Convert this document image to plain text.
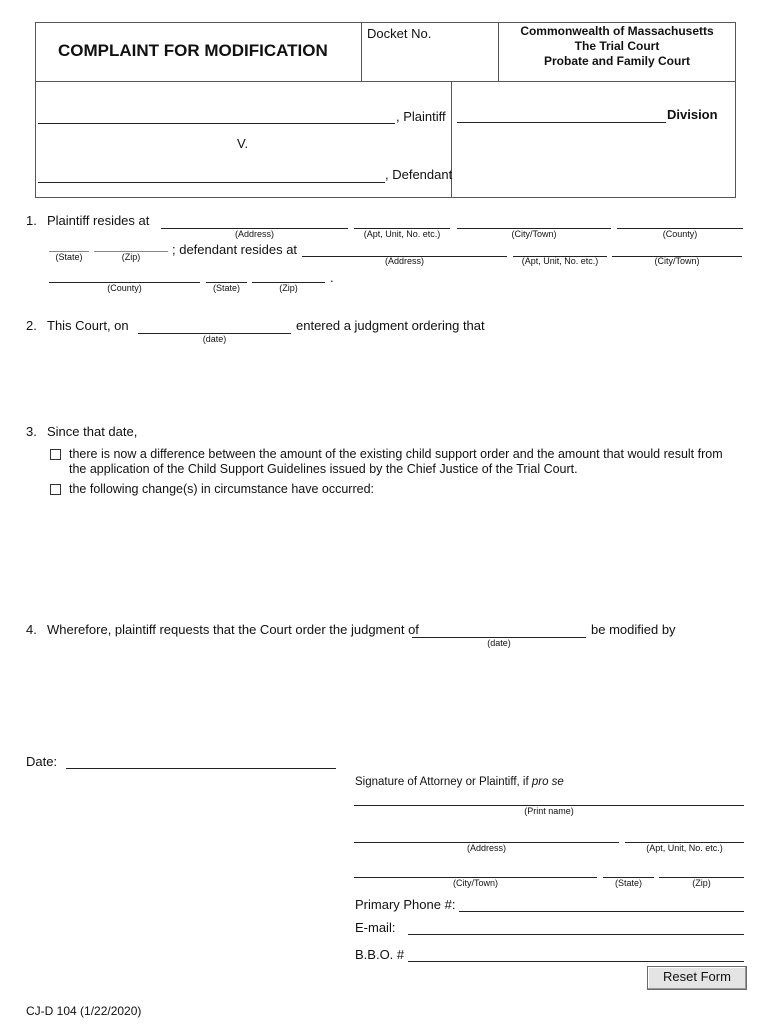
COMPLAINT FOR MODIFICATION
Docket No.	Commonwealth of Massachusetts
The Trial Court
Probate and Family Court
, Plaintiff
V.
, Defendant
Division
1. Plaintiff resides at
(Address)	(Apt, Unit, No. etc.)	(City/Town)	(County)
(State)	(Zip)	; defendant resides at
(Address)	(Apt, Unit, No. etc.)	(City/Town)
(County)	(State)	(Zip)
.
2. This Court, on
(date)
entered a judgment ordering that
3. Since that date,
there is now a difference between the amount of the existing child support order and the amount that would result from
the application of the Child Support Guidelines issued by the Chief Justice of the Trial Court.
the following change(s) in circumstance have occurred:
4. Wherefore, plaintiff requests that the Court order the judgment of
(date)
be modified by
Date:
Signature of Attorney or Plaintiff, if pro se
(Print name)
(Address)	(Apt, Unit, No. etc.)
(City/Town)	(State)	(Zip)
Primary Phone #:
E-mail:
B.B.O. #
Reset Form
CJ-D 104 (1/22/2020)
